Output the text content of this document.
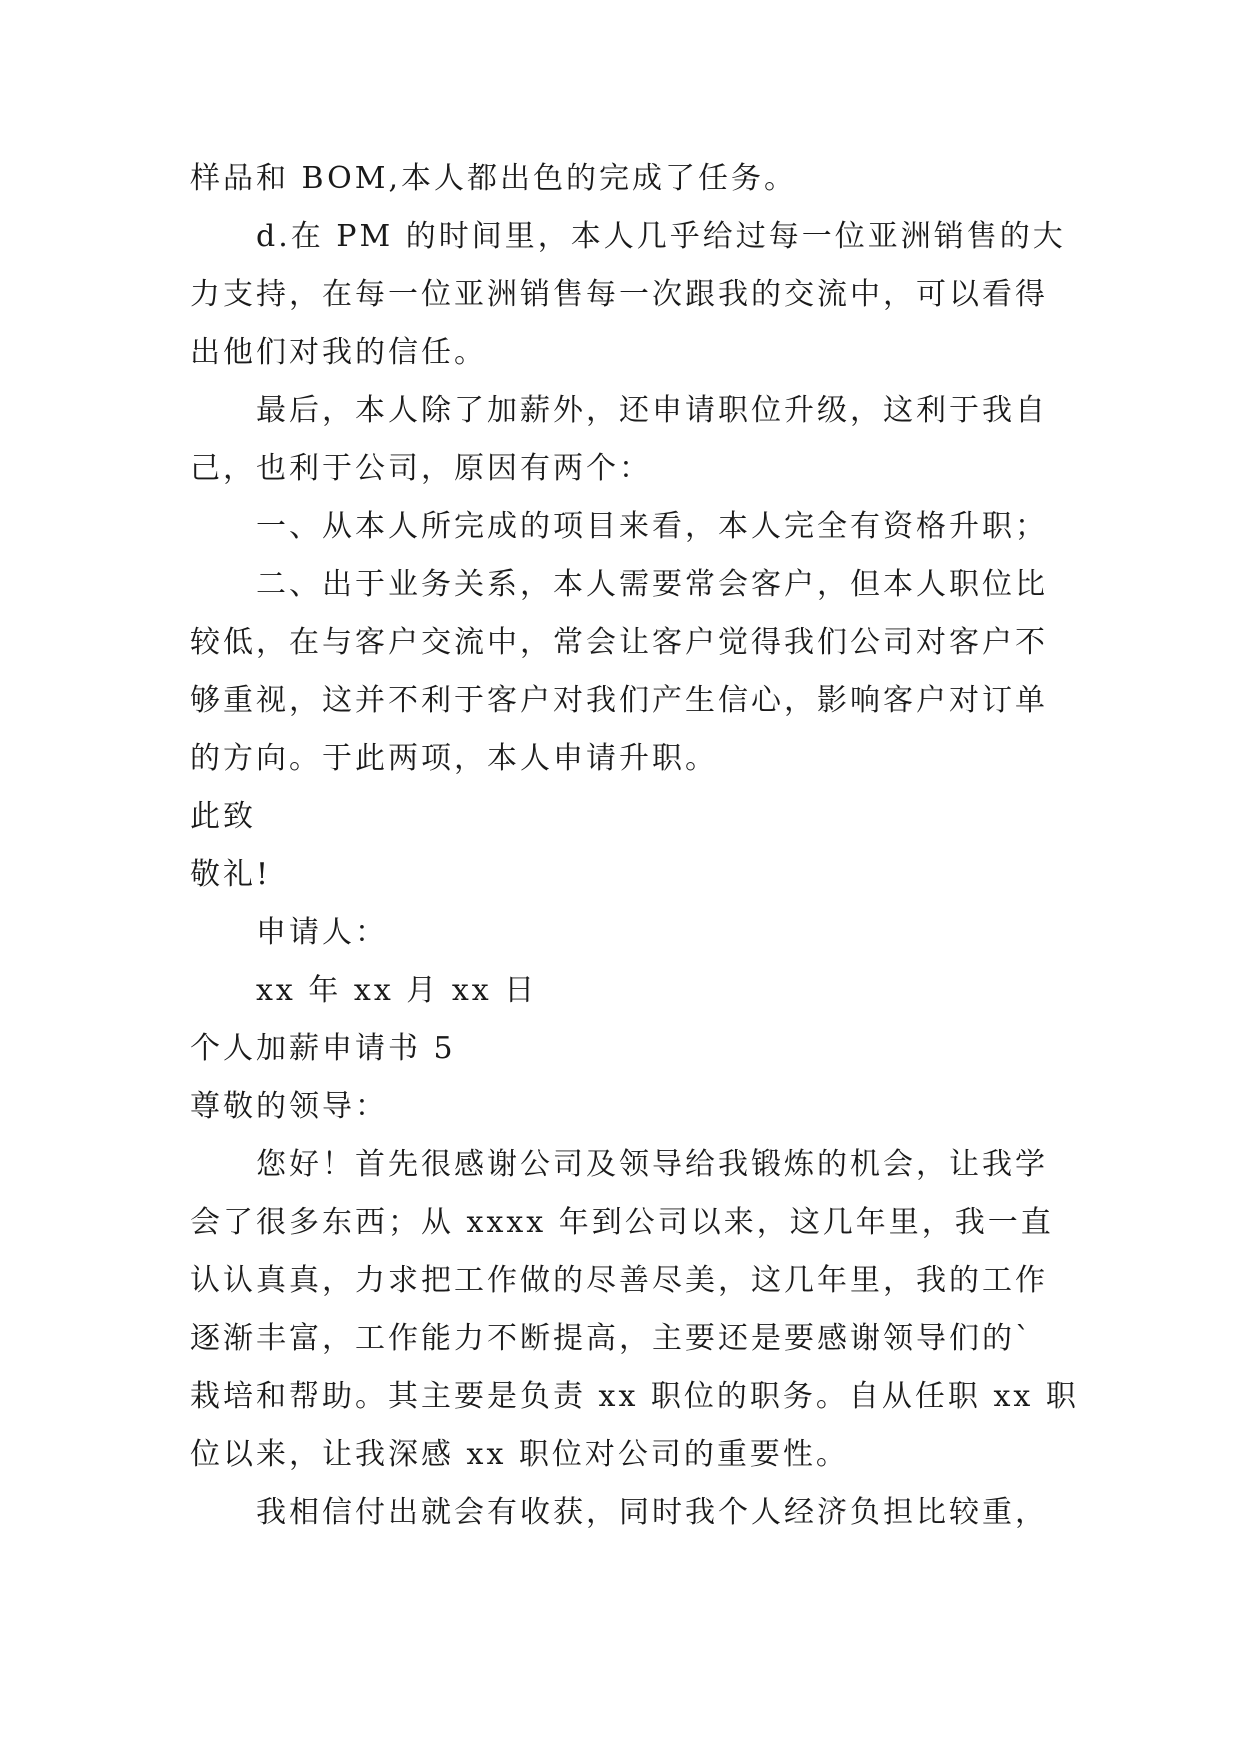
样品和 BOM,本人都出色的完成了任务。
d.在 PM 的时间里，本人几乎给过每一位亚洲销售的大
力支持，在每一位亚洲销售每一次跟我的交流中，可以看得
出他们对我的信任。
最后，本人除了加薪外，还申请职位升级，这利于我自
己，也利于公司，原因有两个：
一、从本人所完成的项目来看，本人完全有资格升职；
二、出于业务关系，本人需要常会客户，但本人职位比
较低，在与客户交流中，常会让客户觉得我们公司对客户不
够重视，这并不利于客户对我们产生信心，影响客户对订单
的方向。于此两项，本人申请升职。
此致
敬礼!
申请人：
xx 年 xx 月 xx 日
个人加薪申请书 5
尊敬的领导：
您好！首先很感谢公司及领导给我锻炼的机会，让我学
会了很多东西；从 xxxx 年到公司以来，这几年里，我一直
认认真真，力求把工作做的尽善尽美，这几年里，我的工作
逐渐丰富，工作能力不断提高，主要还是要感谢领导们的`
栽培和帮助。其主要是负责 xx 职位的职务。自从任职 xx 职
位以来，让我深感 xx 职位对公司的重要性。
我相信付出就会有收获，同时我个人经济负担比较重，
